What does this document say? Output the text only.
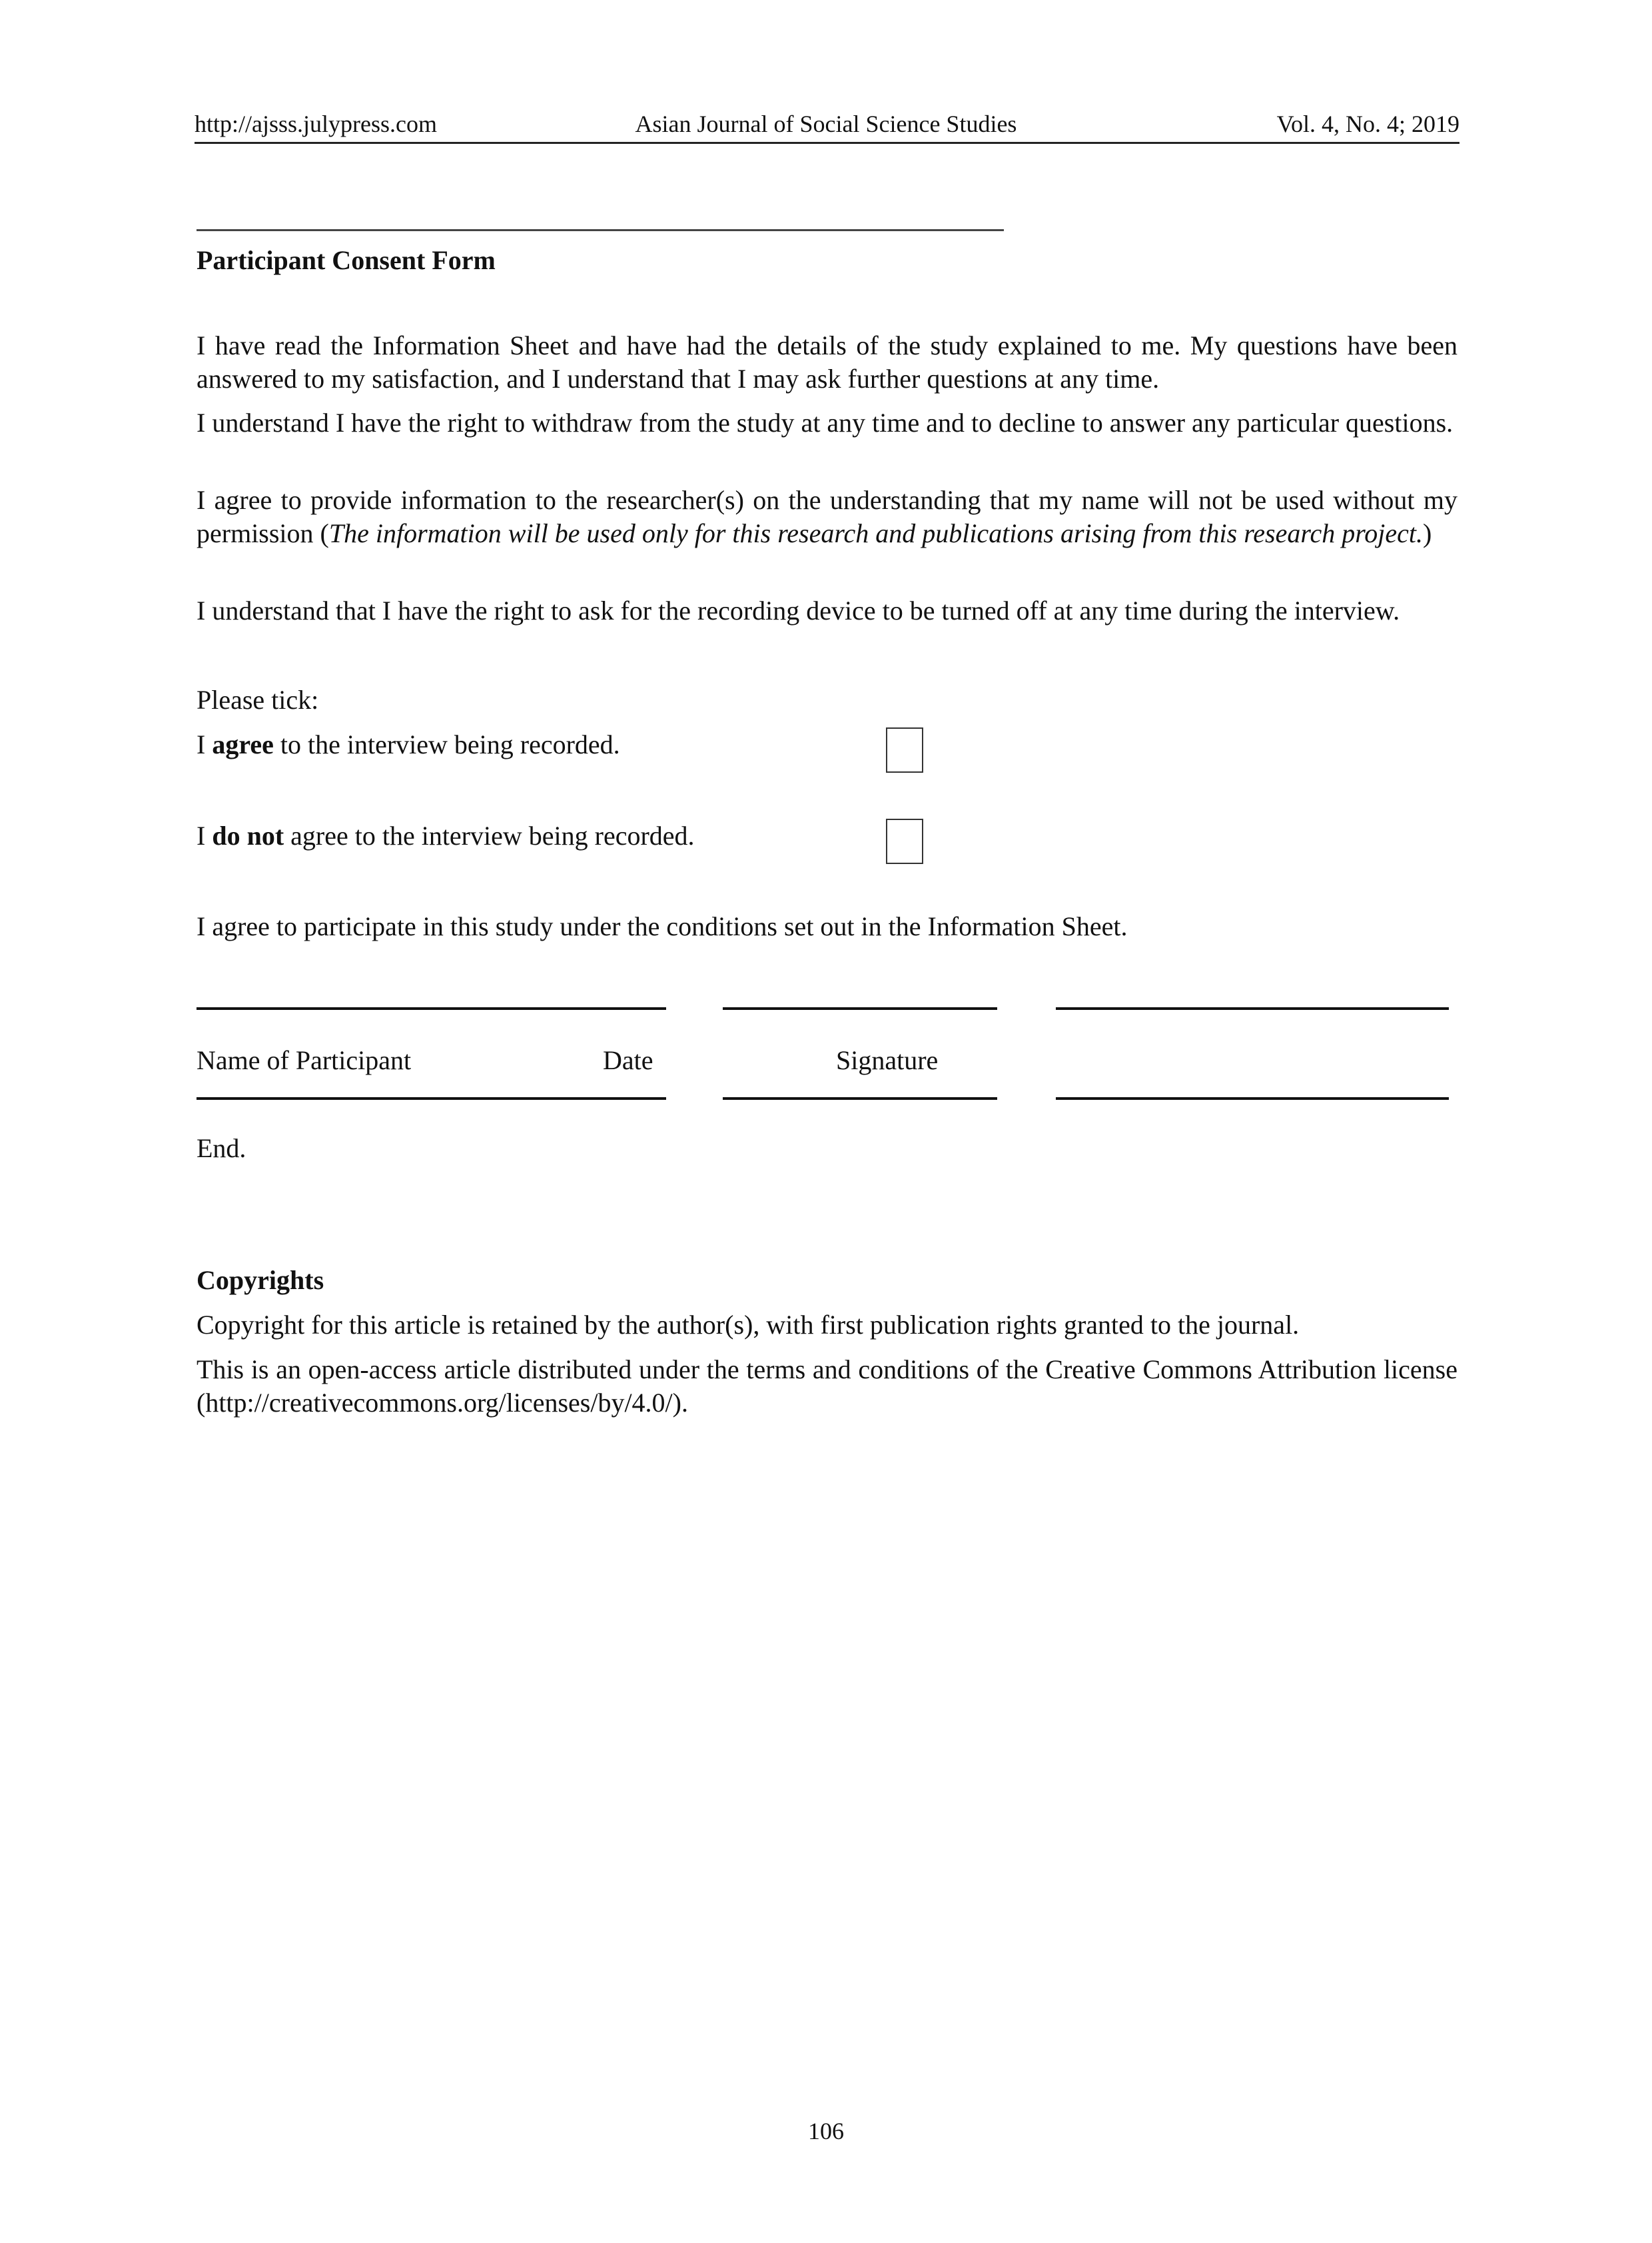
http://ajsss.julypress.com	Asian Journal of Social Science Studies	Vol. 4, No. 4; 2019
Participant Consent Form
I have read the Information Sheet and have had the details of the study explained to me. My questions have been answered to my satisfaction, and I understand that I may ask further questions at any time.
I understand I have the right to withdraw from the study at any time and to decline to answer any particular questions.
I agree to provide information to the researcher(s) on the understanding that my name will not be used without my permission (The information will be used only for this research and publications arising from this research project.)
I understand that I have the right to ask for the recording device to be turned off at any time during the interview.
Please tick:
I agree to the interview being recorded.
I do not agree to the interview being recorded.
I agree to participate in this study under the conditions set out in the Information Sheet.
Name of Participant	Date	Signature
End.
Copyrights
Copyright for this article is retained by the author(s), with first publication rights granted to the journal.
This is an open-access article distributed under the terms and conditions of the Creative Commons Attribution license (http://creativecommons.org/licenses/by/4.0/).
106
